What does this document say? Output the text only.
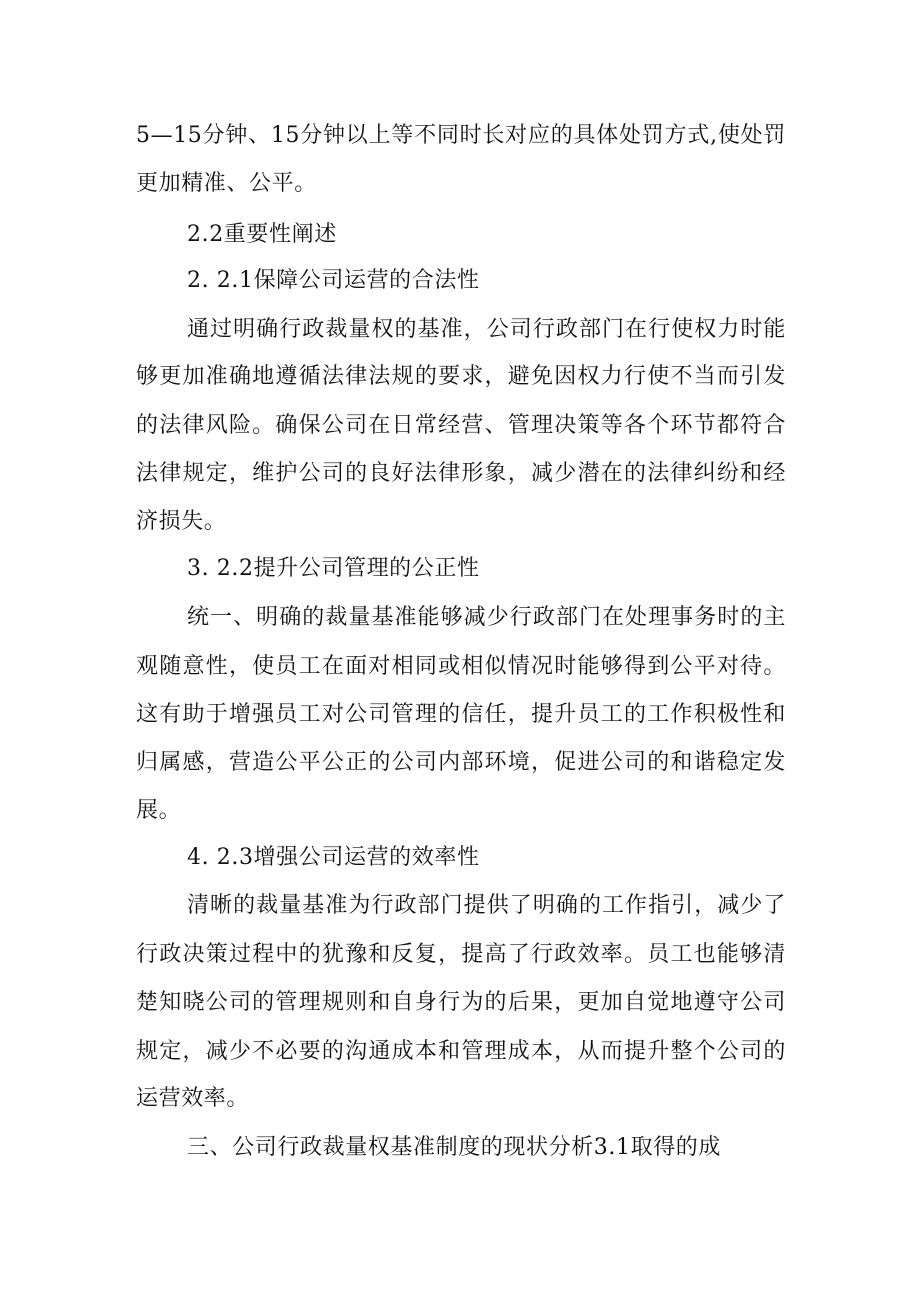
5—15分钟、15分钟以上等不同时长对应的具体处罚方式,使处罚
更加精准、公平。
2.2重要性阐述
2. 2.1保障公司运营的合法性
通过明确行政裁量权的基准，公司行政部门在行使权力时能
够更加准确地遵循法律法规的要求，避免因权力行使不当而引发
的法律风险。确保公司在日常经营、管理决策等各个环节都符合
法律规定，维护公司的良好法律形象，减少潜在的法律纠纷和经
济损失。
3. 2.2提升公司管理的公正性
统一、明确的裁量基准能够减少行政部门在处理事务时的主
观随意性，使员工在面对相同或相似情况时能够得到公平对待。
这有助于增强员工对公司管理的信任，提升员工的工作积极性和
归属感，营造公平公正的公司内部环境，促进公司的和谐稳定发
展。
4. 2.3增强公司运营的效率性
清晰的裁量基准为行政部门提供了明确的工作指引，减少了
行政决策过程中的犹豫和反复，提高了行政效率。员工也能够清
楚知晓公司的管理规则和自身行为的后果，更加自觉地遵守公司
规定，减少不必要的沟通成本和管理成本，从而提升整个公司的
运营效率。
三、公司行政裁量权基准制度的现状分析3.1取得的成
